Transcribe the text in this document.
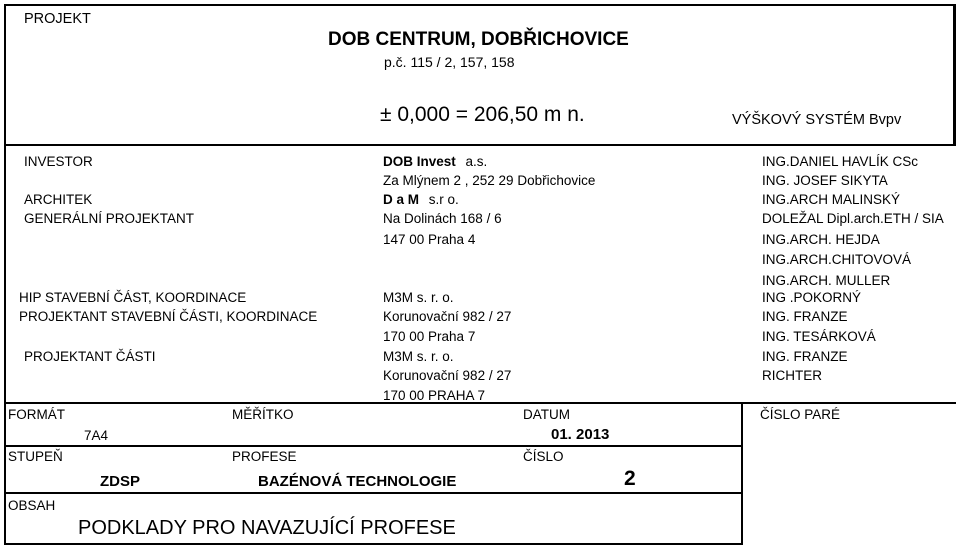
PROJEKT
DOB CENTRUM, DOBŘICHOVICE
p.č. 115 / 2, 157, 158
± 0,000 = 206,50 m n.	VÝŠKOVÝ SYSTÉM Bvpv
INVESTOR
ARCHITEK
GENERÁLNÍ PROJEKTANT
HIP STAVEBNÍ ČÁST, KOORDINACE
PROJEKTANT STAVEBNÍ ČÁSTI, KOORDINACE
PROJEKTANT ČÁSTI
DOB Invest a.s.
Za Mlýnem 2 , 252 29 Dobřichovice
D a M s.r o.
Na Dolinách 168 / 6
147 00 Praha 4
M3M s. r. o.
Korunovační 982 / 27
170 00 Praha 7
M3M s. r. o.
Korunovační 982 / 27
170 00 PRAHA 7
ING.DANIEL HAVLÍK CSc
ING. JOSEF SIKYTA
ING.ARCH MALINSKÝ
DOLEŽAL Dipl.arch.ETH / SIA
ING.ARCH. HEJDA
ING.ARCH.CHITOVOVÁ
ING.ARCH. MULLER
ING .POKORNÝ
ING. FRANZE
ING. TESÁRKOVÁ
ING. FRANZE
RICHTER
FORMÁT
7A4
MĚŘÍTKO	DATUM
01. 2013
ČÍSLO PARÉ
STUPEŇ
ZDSP
PROFESE
BAZÉNOVÁ TECHNOLOGIE
ČÍSLO
2
OBSAH
PODKLADY PRO NAVAZUJÍCÍ PROFESE
